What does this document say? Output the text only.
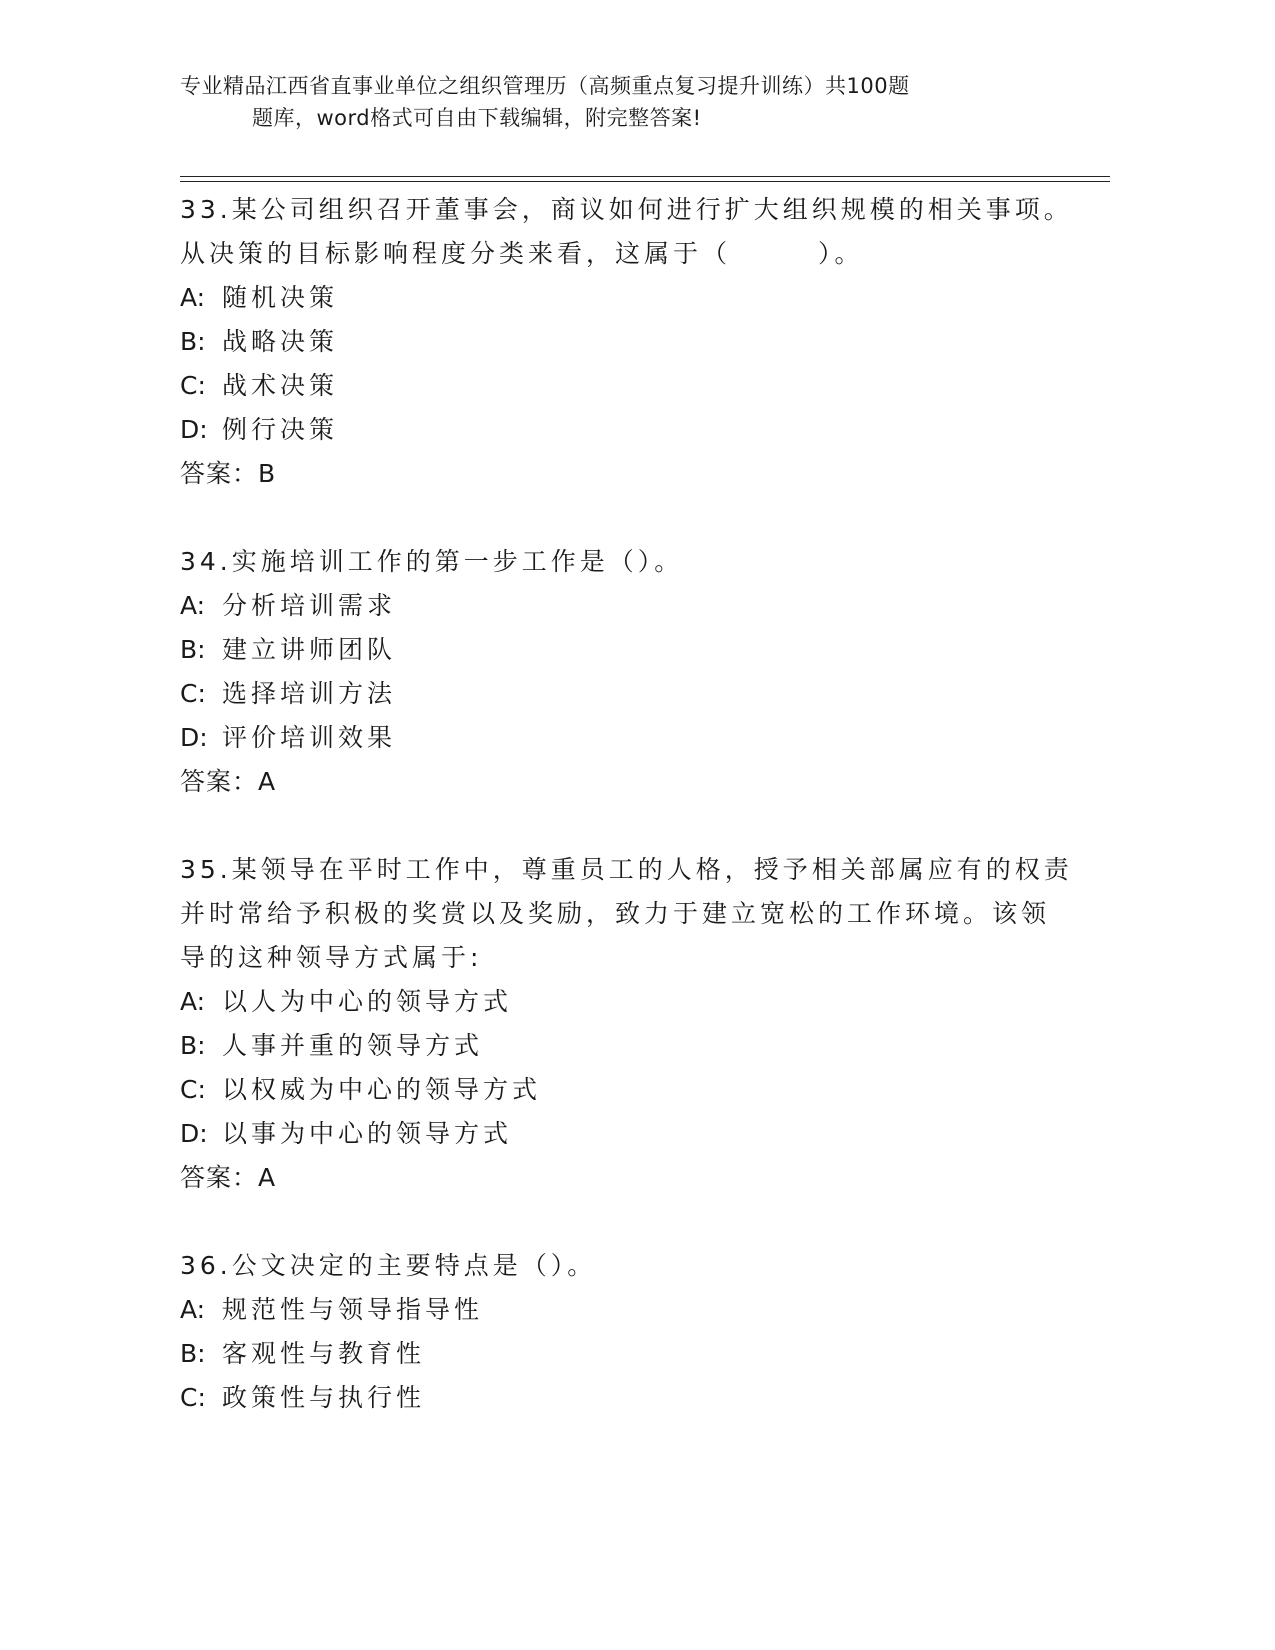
专业精品江西省直事业单位之组织管理历（高频重点复习提升训练）共100题
题库，word格式可自由下载编辑，附完整答案!
33.某公司组织召开董事会，商议如何进行扩大组织规模的相关事项。
从决策的目标影响程度分类来看，这属于（　　　）。
A: 随机决策
B: 战略决策
C: 战术决策
D: 例行决策
答案：B
34.实施培训工作的第一步工作是（）。
A: 分析培训需求
B: 建立讲师团队
C: 选择培训方法
D: 评价培训效果
答案：A
35.某领导在平时工作中，尊重员工的人格，授予相关部属应有的权责
并时常给予积极的奖赏以及奖励，致力于建立宽松的工作环境。该领
导的这种领导方式属于:
A: 以人为中心的领导方式
B: 人事并重的领导方式
C: 以权威为中心的领导方式
D: 以事为中心的领导方式
答案：A
36.公文决定的主要特点是（）。
A: 规范性与领导指导性
B: 客观性与教育性
C: 政策性与执行性
